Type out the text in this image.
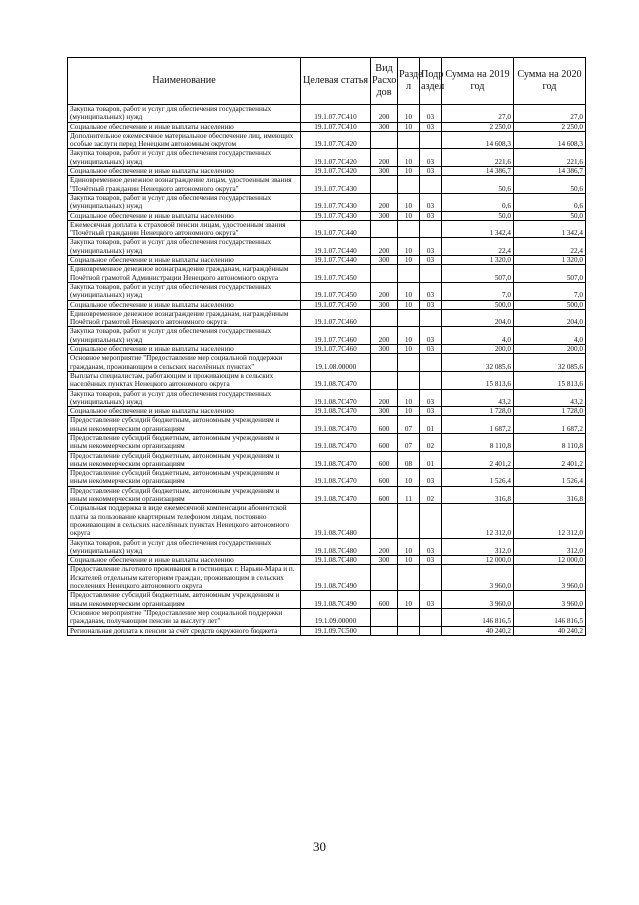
Наименование	Целевая статья	Вид Расхо дов	Разде л	Подр аздел	Сумма на 2019 год	Сумма на 2020 год
Закупка товаров, работ и услуг для обеспечения государственных (муниципальных) нужд	19.1.07.7С410	200	10	03	27,0	27,0
Социальное обеспечение и иные выплаты населению	19.1.07.7С410	300	10	03	2 250,0	2 250,0
Дополнительное ежемесячное материальное обеспечение лиц, имеющих особые заслуги перед Ненецким автономным округом	19.1.07.7С420				14 608,3	14 608,3
Закупка товаров, работ и услуг для обеспечения государственных (муниципальных) нужд	19.1.07.7С420	200	10	03	221,6	221,6
Социальное обеспечение и иные выплаты населению	19.1.07.7С420	300	10	03	14 386,7	14 386,7
Единовременное денежное вознаграждение лицам, удостоенным звания "Почётный гражданин Ненецкого автономного округа"	19.1.07.7С430				50,6	50,6
Закупка товаров, работ и услуг для обеспечения государственных (муниципальных) нужд	19.1.07.7С430	200	10	03	0,6	0,6
Социальное обеспечение и иные выплаты населению	19.1.07.7С430	300	10	03	50,0	50,0
Ежемесячная доплата к страховой пенсии лицам, удостоенным звания "Почётный гражданин Ненецкого автономного округа"	19.1.07.7С440				1 342,4	1 342,4
Закупка товаров, работ и услуг для обеспечения государственных (муниципальных) нужд	19.1.07.7С440	200	10	03	22,4	22,4
Социальное обеспечение и иные выплаты населению	19.1.07.7С440	300	10	03	1 320,0	1 320,0
Единовременное денежное вознаграждение гражданам, награждённым Почётной грамотой Администрации Ненецкого автономного округа	19.1.07.7С450				507,0	507,0
Закупка товаров, работ и услуг для обеспечения государственных (муниципальных) нужд	19.1.07.7С450	200	10	03	7,0	7,0
Социальное обеспечение и иные выплаты населению	19.1.07.7С450	300	10	03	500,0	500,0
Единовременное денежное вознаграждение гражданам, награждённым Почётной грамотой Ненецкого автономного округа	19.1.07.7С460				204,0	204,0
Закупка товаров, работ и услуг для обеспечения государственных (муниципальных) нужд	19.1.07.7С460	200	10	03	4,0	4,0
Социальное обеспечение и иные выплаты населению	19.1.07.7С460	300	10	03	200,0	200,0
Основное мероприятие "Предоставление мер социальной поддержки гражданам, проживающим в сельских населённых пунктах"	19.1.08.00000				32 085,6	32 085,6
Выплаты специалистам, работающим и проживающим в сельских населённых пунктах Ненецкого автономного округа	19.1.08.7С470				15 813,6	15 813,6
Закупка товаров, работ и услуг для обеспечения государственных (муниципальных) нужд	19.1.08.7С470	200	10	03	43,2	43,2
Социальное обеспечение и иные выплаты населению	19.1.08.7С470	300	10	03	1 728,0	1 728,0
Предоставление субсидий бюджетным, автономным учреждениям и иным некоммерческим организациям	19.1.08.7С470	600	07	01	1 687,2	1 687,2
Предоставление субсидий бюджетным, автономным учреждениям и иным некоммерческим организациям	19.1.08.7С470	600	07	02	8 110,8	8 110,8
Предоставление субсидий бюджетным, автономным учреждениям и иным некоммерческим организациям	19.1.08.7С470	600	08	01	2 401,2	2 401,2
Предоставление субсидий бюджетным, автономным учреждениям и иным некоммерческим организациям	19.1.08.7С470	600	10	03	1 526,4	1 526,4
Предоставление субсидий бюджетным, автономным учреждениям и иным некоммерческим организациям	19.1.08.7С470	600	11	02	316,8	316,8
Социальная поддержка в виде ежемесячной компенсации абонентской платы за пользование квартирным телефоном лицам, постоянно проживающим в сельских населённых пунктах Ненецкого автономного округа	19.1.08.7С480				12 312,0	12 312,0
Закупка товаров, работ и услуг для обеспечения государственных (муниципальных) нужд	19.1.08.7С480	200	10	03	312,0	312,0
Социальное обеспечение и иные выплаты населению	19.1.08.7С480	300	10	03	12 000,0	12 000,0
Предоставление льготного проживания в гостиницах г. Нарьян-Мара и п. Искателей отдельным категориям граждан, проживающим в сельских поселениях Ненецкого автономного округа	19.1.08.7С490				3 960,0	3 960,0
Предоставление субсидий бюджетным, автономным учреждениям и иным некоммерческим организациям	19.1.08.7С490	600	10	03	3 960,0	3 960,0
Основное мероприятие "Предоставление мер социальной поддержки гражданам, получающим пенсии за выслугу лет"	19.1.09.00000				146 816,5	146 816,5
Региональная доплата к пенсии за счёт средств окружного бюджета	19.1.09.7С500				40 240,2	40 240,2
30
